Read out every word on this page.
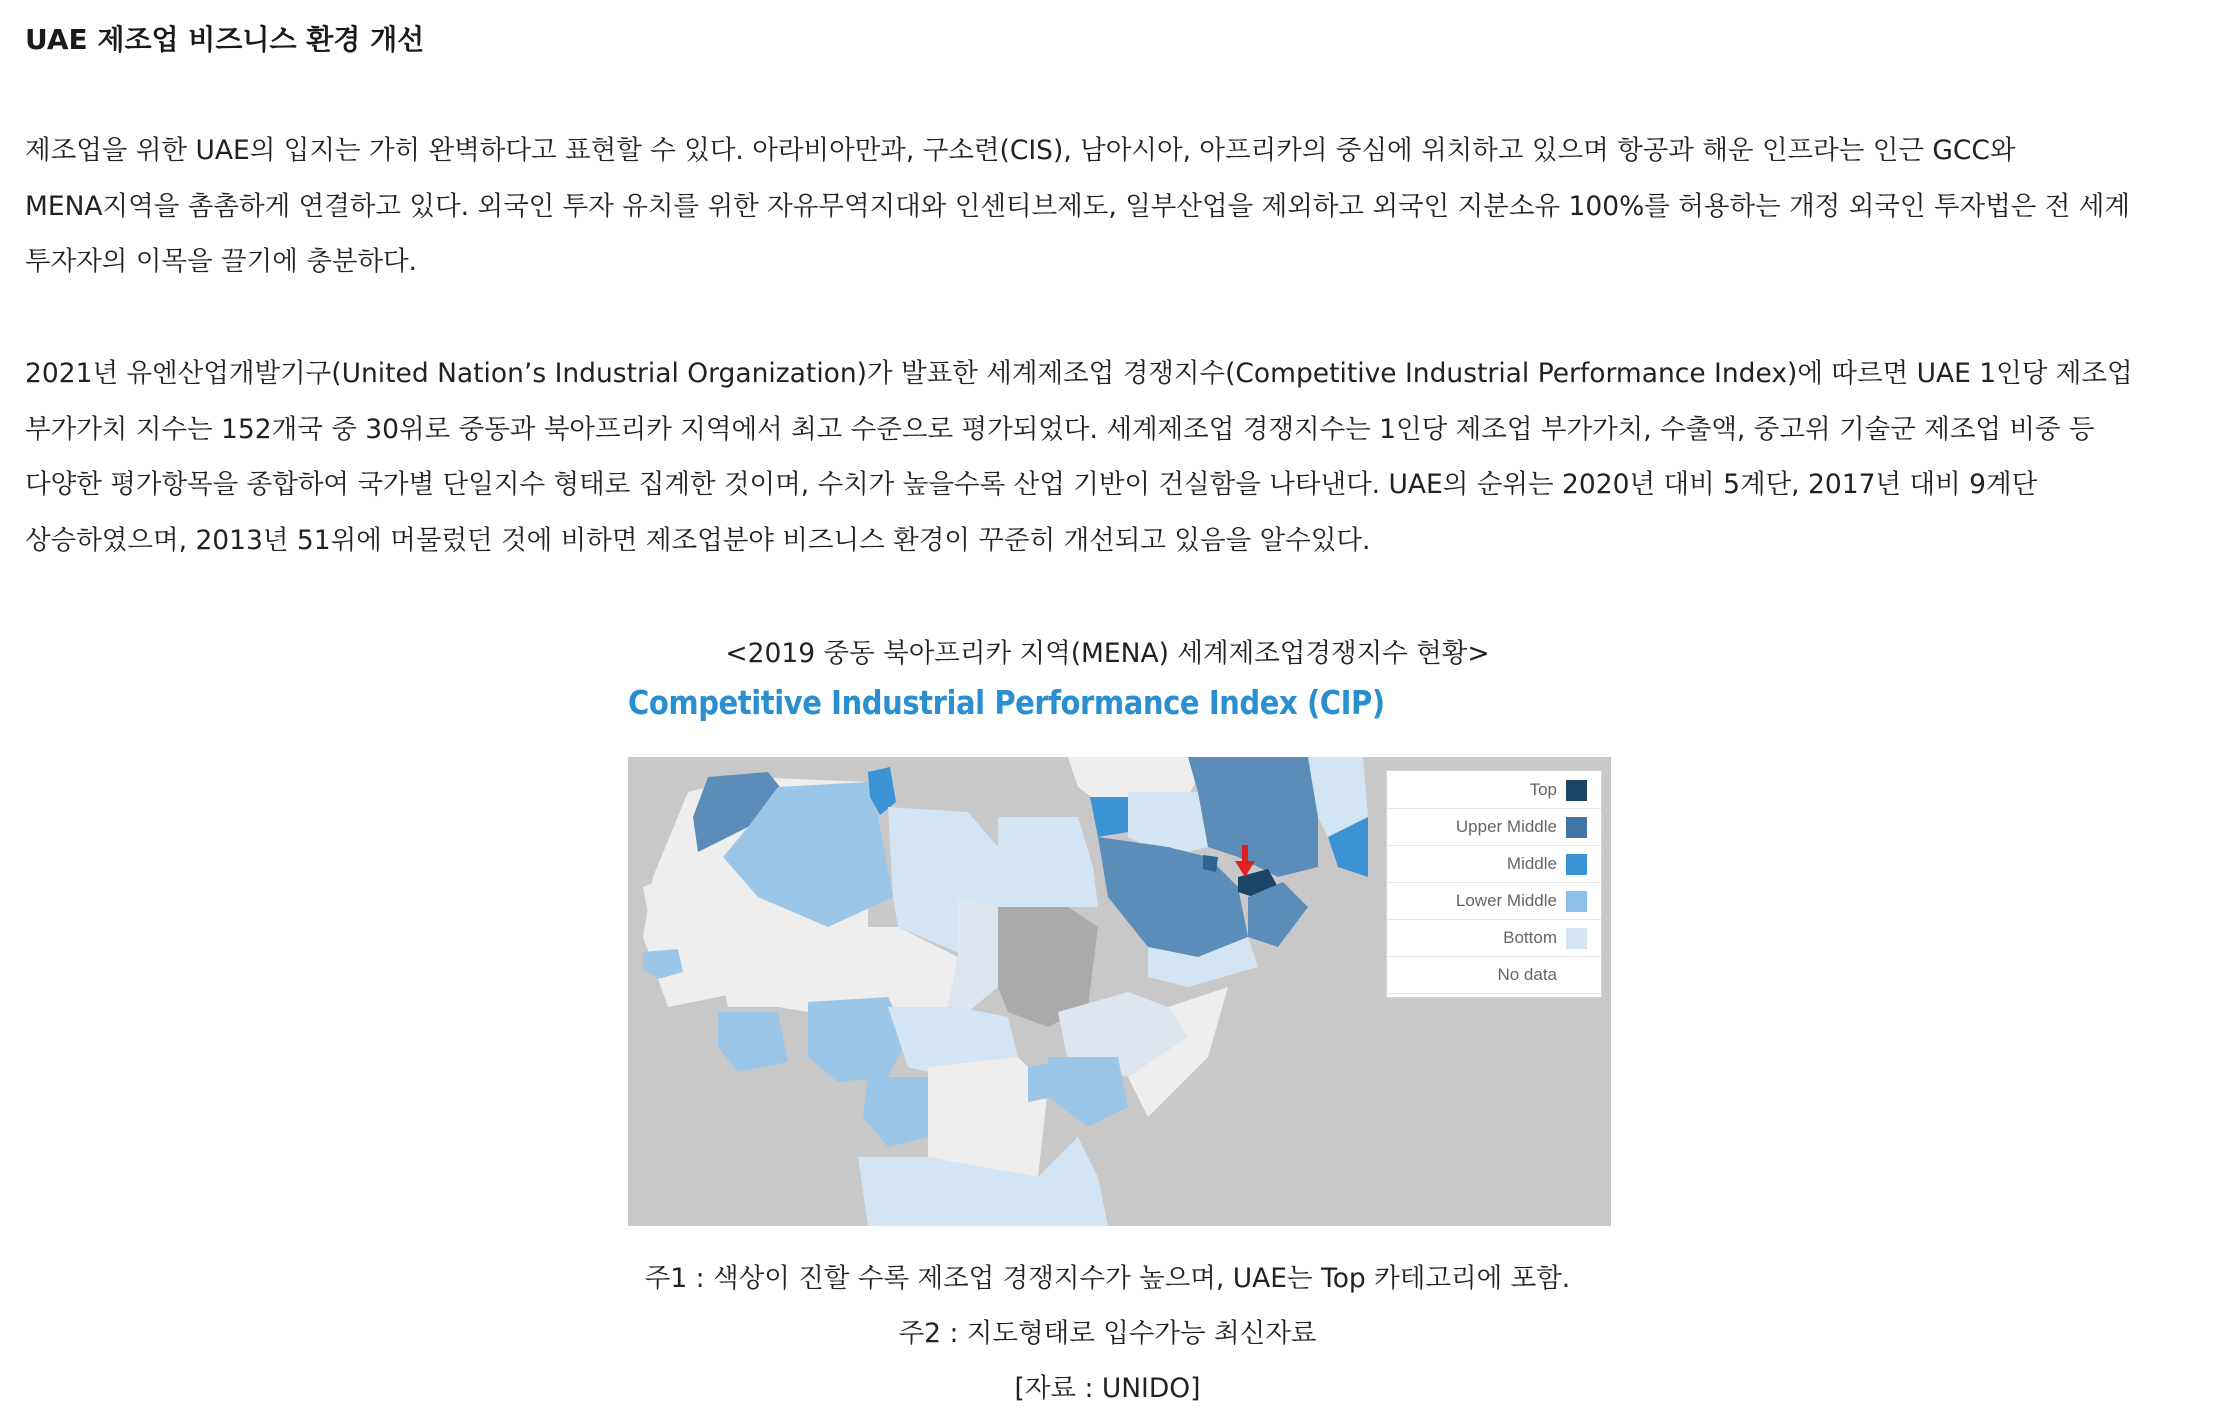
UAE 제조업 비즈니스 환경 개선
제조업을 위한 UAE의 입지는 가히 완벽하다고 표현할 수 있다. 아라비아만과, 구소련(CIS), 남아시아, 아프리카의 중심에 위치하고 있으며 항공과 해운 인프라는 인근 GCC와
MENA지역을 촘촘하게 연결하고 있다. 외국인 투자 유치를 위한 자유무역지대와 인센티브제도, 일부산업을 제외하고 외국인 지분소유 100%를 허용하는 개정 외국인 투자법은 전 세계
투자자의 이목을 끌기에 충분하다.
2021년 유엔산업개발기구(United Nation’s Industrial Organization)가 발표한 세계제조업 경쟁지수(Competitive Industrial Performance Index)에 따르면 UAE 1인당 제조업
부가가치 지수는 152개국 중 30위로 중동과 북아프리카 지역에서 최고 수준으로 평가되었다. 세계제조업 경쟁지수는 1인당 제조업 부가가치, 수출액, 중고위 기술군 제조업 비중 등
다양한 평가항목을 종합하여 국가별 단일지수 형태로 집계한 것이며, 수치가 높을수록 산업 기반이 건실함을 나타낸다. UAE의 순위는 2020년 대비 5계단, 2017년 대비 9계단
상승하였으며, 2013년 51위에 머물렀던 것에 비하면 제조업분야 비즈니스 환경이 꾸준히 개선되고 있음을 알수있다.
<2019 중동 북아프리카 지역(MENA) 세계제조업경쟁지수 현황>
Competitive Industrial Performance Index (CIP)
Top
Upper Middle
Middle
Lower Middle
Bottom
No data
주1 : 색상이 진할 수록 제조업 경쟁지수가 높으며, UAE는 Top 카테고리에 포함.
주2 : 지도형태로 입수가능 최신자료
[자료 : UNIDO]
